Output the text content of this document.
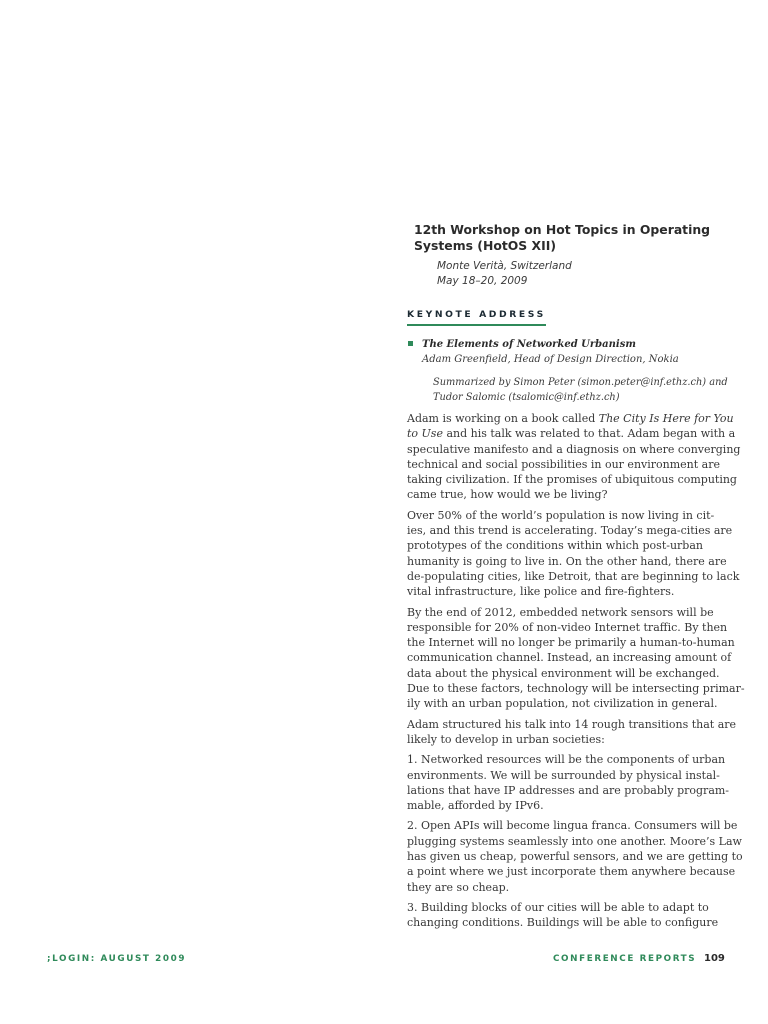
12th Workshop on Hot Topics in Operating
Systems (HotOS XII)
Monte Verità, Switzerland
May 18–20, 2009
KEYNOTE ADDRESS
The Elements of Networked Urbanism
Adam Greenfield, Head of Design Direction, Nokia
Summarized by Simon Peter (simon.peter@inf.ethz.ch) and
Tudor Salomic (tsalomic@inf.ethz.ch)
Adam is working on a book called The City Is Here for You
to Use and his talk was related to that. Adam began with a
speculative manifesto and a diagnosis on where converging
technical and social possibilities in our environment are
taking civilization. If the promises of ubiquitous computing
came true, how would we be living?
Over 50% of the world’s population is now living in cit-
ies, and this trend is accelerating. Today’s mega-cities are
prototypes of the conditions within which post-urban
humanity is going to live in. On the other hand, there are
de-populating cities, like Detroit, that are beginning to lack
vital infrastructure, like police and fire-fighters.
By the end of 2012, embedded network sensors will be
responsible for 20% of non-video Internet traffic. By then
the Internet will no longer be primarily a human-to-human
communication channel. Instead, an increasing amount of
data about the physical environment will be exchanged.
Due to these factors, technology will be intersecting primar-
ily with an urban population, not civilization in general.
Adam structured his talk into 14 rough transitions that are
likely to develop in urban societies:
1. Networked resources will be the components of urban
environments. We will be surrounded by physical instal-
lations that have IP addresses and are probably program-
mable, afforded by IPv6.
2. Open APIs will become lingua franca. Consumers will be
plugging systems seamlessly into one another. Moore’s Law
has given us cheap, powerful sensors, and we are getting to
a point where we just incorporate them anywhere because
they are so cheap.
3. Building blocks of our cities will be able to adapt to
changing conditions. Buildings will be able to configure
;LOGIN: AUGUST 2009	CONFERENCE REPORTS 109
